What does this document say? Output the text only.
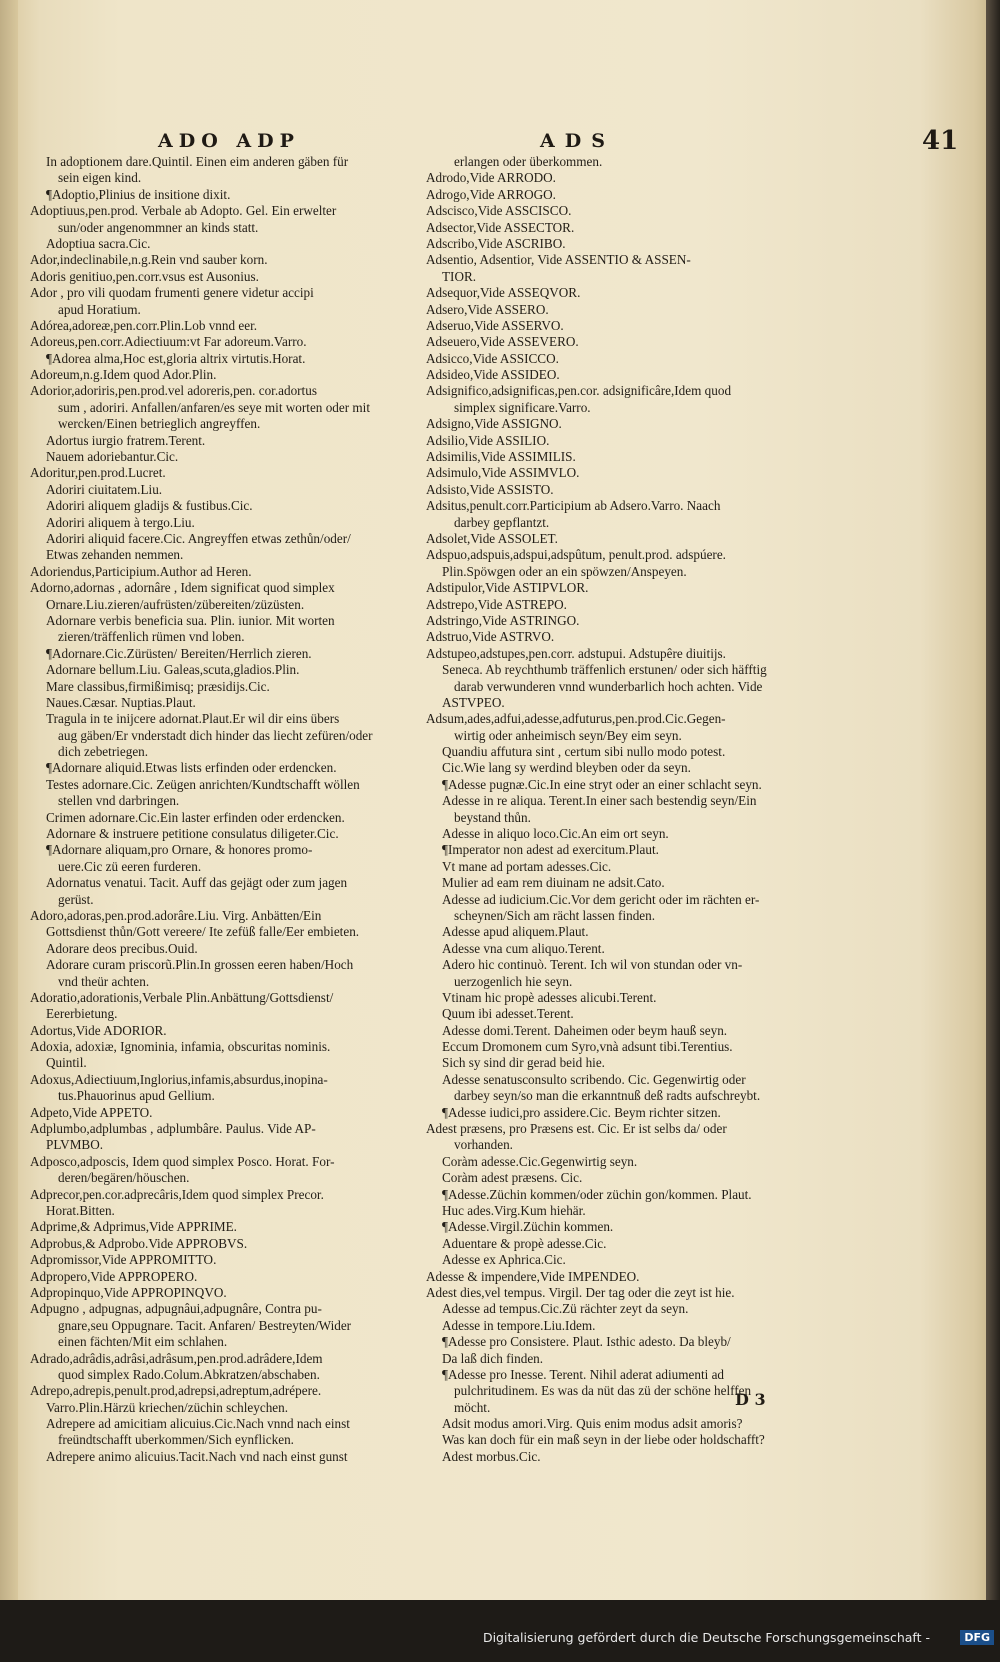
ADO ADP	ADS	41
In adoptionem dare.Quintil. Einen eim anderen gäben für
sein eigen kind.
¶Adoptio,Plinius de insitione dixit.
Adoptiuus,pen.prod. Verbale ab Adopto. Gel. Ein erwelter
sun/oder angenommner an kinds statt.
Adoptiua sacra.Cic.
Ador,indeclinabile,n.g.Rein vnd sauber korn.
Adoris genitiuo,pen.corr.vsus est Ausonius.
Ador , pro vili quodam frumenti genere videtur accipi
apud Horatium.
Adórea,adoreæ,pen.corr.Plin.Lob vnnd eer.
Adoreus,pen.corr.Adiectiuum:vt Far adoreum.Varro.
¶Adorea alma,Hoc est,gloria altrix virtutis.Horat.
Adoreum,n.g.Idem quod Ador.Plin.
Adorior,adoriris,pen.prod.vel adoreris,pen. cor.adortus
sum , adoriri. Anfallen/anfaren/es seye mit worten oder mit
wercken/Einen betrieglich angreyffen.
Adortus iurgio fratrem.Terent.
Nauem adoriebantur.Cic.
Adoritur,pen.prod.Lucret.
Adoriri ciuitatem.Liu.
Adoriri aliquem gladijs & fustibus.Cic.
Adoriri aliquem à tergo.Liu.
Adoriri aliquid facere.Cic. Angreyffen etwas zethůn/oder/
Etwas zehanden nemmen.
Adoriendus,Participium.Author ad Heren.
Adorno,adornas , adornâre , Idem significat quod simplex
Ornare.Liu.zieren/aufrüsten/zübereiten/züzüsten.
Adornare verbis beneficia sua. Plin. iunior. Mit worten
zieren/träffenlich rümen vnd loben.
¶Adornare.Cic.Zürüsten/ Bereiten/Herrlich zieren.
Adornare bellum.Liu. Galeas,scuta,gladios.Plin.
Mare classibus,firmißimisq; præsidijs.Cic.
Naues.Cæsar. Nuptias.Plaut.
Tragula in te inijcere adornat.Plaut.Er wil dir eins übers
aug gäben/Er vnderstadt dich hinder das liecht zefüren/oder
dich zebetriegen.
¶Adornare aliquid.Etwas lists erfinden oder erdencken.
Testes adornare.Cic. Zeügen anrichten/Kundtschafft wöllen
stellen vnd darbringen.
Crimen adornare.Cic.Ein laster erfinden oder erdencken.
Adornare & instruere petitione consulatus diligeter.Cic.
¶Adornare aliquam,pro Ornare, & honores promo-
uere.Cic zü eeren furderen.
Adornatus venatui. Tacit. Auff das gejägt oder zum jagen
gerüst.
Adoro,adoras,pen.prod.adorâre.Liu. Virg. Anbätten/Ein
Gottsdienst thůn/Gott vereere/ Ite zefüß falle/Eer embieten.
Adorare deos precibus.Ouid.
Adorare curam priscorũ.Plin.In grossen eeren haben/Hoch
vnd theür achten.
Adoratio,adorationis,Verbale Plin.Anbättung/Gottsdienst/
Eererbietung.
Adortus,Vide ADORIOR.
Adoxia, adoxiæ, Ignominia, infamia, obscuritas nominis.
Quintil.
Adoxus,Adiectiuum,Inglorius,infamis,absurdus,inopina-
tus.Phauorinus apud Gellium.
Adpeto,Vide APPETO.
Adplumbo,adplumbas , adplumbâre. Paulus. Vide AP-
PLVMBO.
Adposco,adposcis, Idem quod simplex Posco. Horat. For-
deren/begären/höuschen.
Adprecor,pen.cor.adprecâris,Idem quod simplex Precor.
Horat.Bitten.
Adprime,& Adprimus,Vide APPRIME.
Adprobus,& Adprobo.Vide APPROBVS.
Adpromissor,Vide APPROMITTO.
Adpropero,Vide APPROPERO.
Adpropinquo,Vide APPROPINQVO.
Adpugno , adpugnas, adpugnâui,adpugnâre, Contra pu-
gnare,seu Oppugnare. Tacit. Anfaren/ Bestreyten/Wider
einen fächten/Mit eim schlahen.
Adrado,adrâdis,adrâsi,adrâsum,pen.prod.adrâdere,Idem
quod simplex Rado.Colum.Abkratzen/abschaben.
Adrepo,adrepis,penult.prod,adrepsi,adreptum,adrépere.
Varro.Plin.Härzü kriechen/züchin schleychen.
Adrepere ad amicitiam alicuius.Cic.Nach vnnd nach einst
freündtschafft uberkommen/Sich eynflicken.
Adrepere animo alicuius.Tacit.Nach vnd nach einst gunst
erlangen oder überkommen.
Adrodo,Vide ARRODO.
Adrogo,Vide ARROGO.
Adscisco,Vide ASSCISCO.
Adsector,Vide ASSECTOR.
Adscribo,Vide ASCRIBO.
Adsentio, Adsentior, Vide ASSENTIO & ASSEN-
TIOR.
Adsequor,Vide ASSEQVOR.
Adsero,Vide ASSERO.
Adseruo,Vide ASSERVO.
Adseuero,Vide ASSEVERO.
Adsicco,Vide ASSICCO.
Adsideo,Vide ASSIDEO.
Adsignifico,adsignificas,pen.cor. adsignificâre,Idem quod
simplex significare.Varro.
Adsigno,Vide ASSIGNO.
Adsilio,Vide ASSILIO.
Adsimilis,Vide ASSIMILIS.
Adsimulo,Vide ASSIMVLO.
Adsisto,Vide ASSISTO.
Adsitus,penult.corr.Participium ab Adsero.Varro. Naach
darbey gepflantzt.
Adsolet,Vide ASSOLET.
Adspuo,adspuis,adspui,adspûtum, penult.prod. adspúere.
Plin.Spöwgen oder an ein spöwzen/Anspeyen.
Adstipulor,Vide ASTIPVLOR.
Adstrepo,Vide ASTREPO.
Adstringo,Vide ASTRINGO.
Adstruo,Vide ASTRVO.
Adstupeo,adstupes,pen.corr. adstupui. Adstupêre diuitijs.
Seneca. Ab reychthumb träffenlich erstunen/ oder sich häfftig
darab verwunderen vnnd wunderbarlich hoch achten. Vide
ASTVPEO.
Adsum,ades,adfui,adesse,adfuturus,pen.prod.Cic.Gegen-
wirtig oder anheimisch seyn/Bey eim seyn.
Quandiu affutura sint , certum sibi nullo modo potest.
Cic.Wie lang sy werdind bleyben oder da seyn.
¶Adesse pugnæ.Cic.In eine stryt oder an einer schlacht seyn.
Adesse in re aliqua. Terent.In einer sach bestendig seyn/Ein
beystand thůn.
Adesse in aliquo loco.Cic.An eim ort seyn.
¶Imperator non adest ad exercitum.Plaut.
Vt mane ad portam adesses.Cic.
Mulier ad eam rem diuinam ne adsit.Cato.
Adesse ad iudicium.Cic.Vor dem gericht oder im rächten er-
scheynen/Sich am rächt lassen finden.
Adesse apud aliquem.Plaut.
Adesse vna cum aliquo.Terent.
Adero hic continuò. Terent. Ich wil von stundan oder vn-
uerzogenlich hie seyn.
Vtinam hic propè adesses alicubi.Terent.
Quum ibi adesset.Terent.
Adesse domi.Terent. Daheimen oder beym hauß seyn.
Eccum Dromonem cum Syro,vnà adsunt tibi.Terentius.
Sich sy sind dir gerad beid hie.
Adesse senatusconsulto scribendo. Cic. Gegenwirtig oder
darbey seyn/so man die erkanntnuß deß radts aufschreybt.
¶Adesse iudici,pro assidere.Cic. Beym richter sitzen.
Adest præsens, pro Præsens est. Cic. Er ist selbs da/ oder
vorhanden.
Coràm adesse.Cic.Gegenwirtig seyn.
Coràm adest præsens. Cic.
¶Adesse.Züchin kommen/oder züchin gon/kommen. Plaut.
Huc ades.Virg.Kum hiehär.
¶Adesse.Virgil.Züchin kommen.
Aduentare & propè adesse.Cic.
Adesse ex Aphrica.Cic.
Adesse & impendere,Vide IMPENDEO.
Adest dies,vel tempus. Virgil. Der tag oder die zeyt ist hie.
Adesse ad tempus.Cic.Zü rächter zeyt da seyn.
Adesse in tempore.Liu.Idem.
¶Adesse pro Consistere. Plaut. Isthic adesto. Da bleyb/
Da laß dich finden.
¶Adesse pro Inesse. Terent. Nihil aderat adiumenti ad
pulchritudinem. Es was da nüt das zü der schöne helffen
möcht.
Adsit modus amori.Virg. Quis enim modus adsit amoris?
Was kan doch für ein maß seyn in der liebe oder holdschafft?
Adest morbus.Cic.
D 3
Digitalisierung gefördert durch die Deutsche Forschungsgemeinschaft -	DFG
